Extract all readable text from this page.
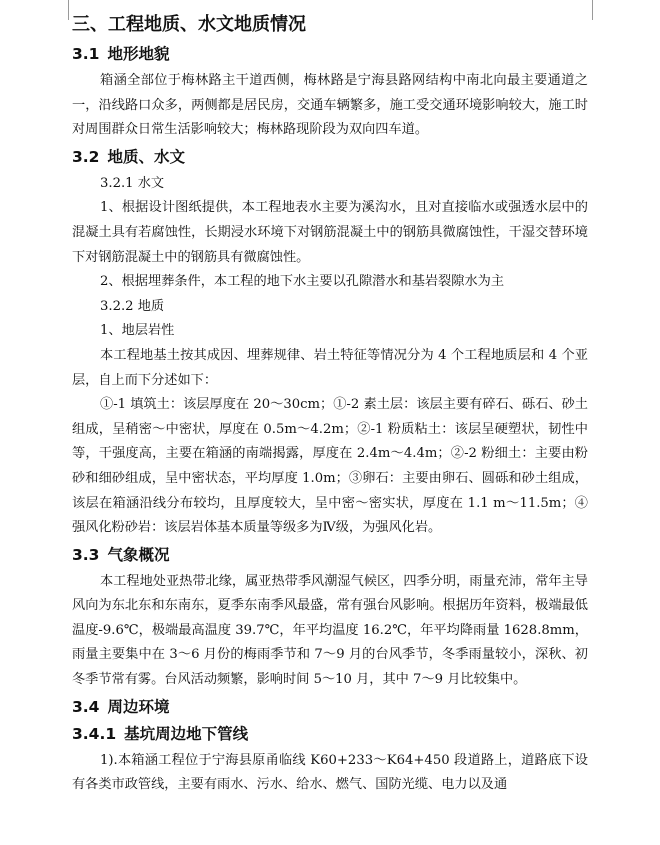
三、工程地质、水文地质情况
3.1 地形地貌

箱涵全部位于梅林路主干道西侧，梅林路是宁海县路网结构中南北向最主要通道之一，沿线路口众多，两侧都是居民房，交通车辆繁多，施工受交通环境影响较大，施工时对周围群众日常生活影响较大；梅林路现阶段为双向四车道。

3.2 地质、水文

3.2.1 水文

1、根据设计图纸提供，本工程地表水主要为溪沟水，且对直接临水或强透水层中的混凝土具有若腐蚀性，长期浸水环境下对钢筋混凝土中的钢筋具微腐蚀性，干湿交替环境下对钢筋混凝土中的钢筋具有微腐蚀性。

2、根据埋葬条件，本工程的地下水主要以孔隙潜水和基岩裂隙水为主

3.2.2 地质

1、地层岩性

本工程地基土按其成因、埋葬规律、岩土特征等情况分为 4 个工程地质层和 4 个亚层，自上而下分述如下：

①-1 填筑土：该层厚度在 20～30cm；①-2 素土层：该层主要有碎石、砾石、砂土组成，呈稍密～中密状，厚度在 0.5m～4.2m；②-1 粉质粘土：该层呈硬塑状，韧性中等，干强度高，主要在箱涵的南端揭露，厚度在 2.4m～4.4m；②-2 粉细土：主要由粉砂和细砂组成，呈中密状态，平均厚度 1.0m；③卵石：主要由卵石、圆砾和砂土组成，该层在箱涵沿线分布较均，且厚度较大，呈中密～密实状，厚度在 1.1 m～11.5m；④强风化粉砂岩：该层岩体基本质量等级多为Ⅳ级，为强风化岩。

3.3 气象概况

本工程地处亚热带北缘，属亚热带季风潮湿气候区，四季分明，雨量充沛，常年主导风向为东北东和东南东，夏季东南季风最盛，常有强台风影响。根据历年资料，极端最低温度-9.6℃，极端最高温度 39.7℃，年平均温度 16.2℃，年平均降雨量 1628.8mm，雨量主要集中在 3～6 月份的梅雨季节和 7～9 月的台风季节，冬季雨量较小，深秋、初冬季节常有雾。台风活动频繁，影响时间 5～10 月，其中 7～9 月比较集中。

3.4 周边环境
3.4.1 基坑周边地下管线

1).本箱涵工程位于宁海县原甬临线 K60+233～K64+450 段道路上，道路底下设有各类市政管线，主要有雨水、污水、给水、燃气、国防光缆、电力以及通
